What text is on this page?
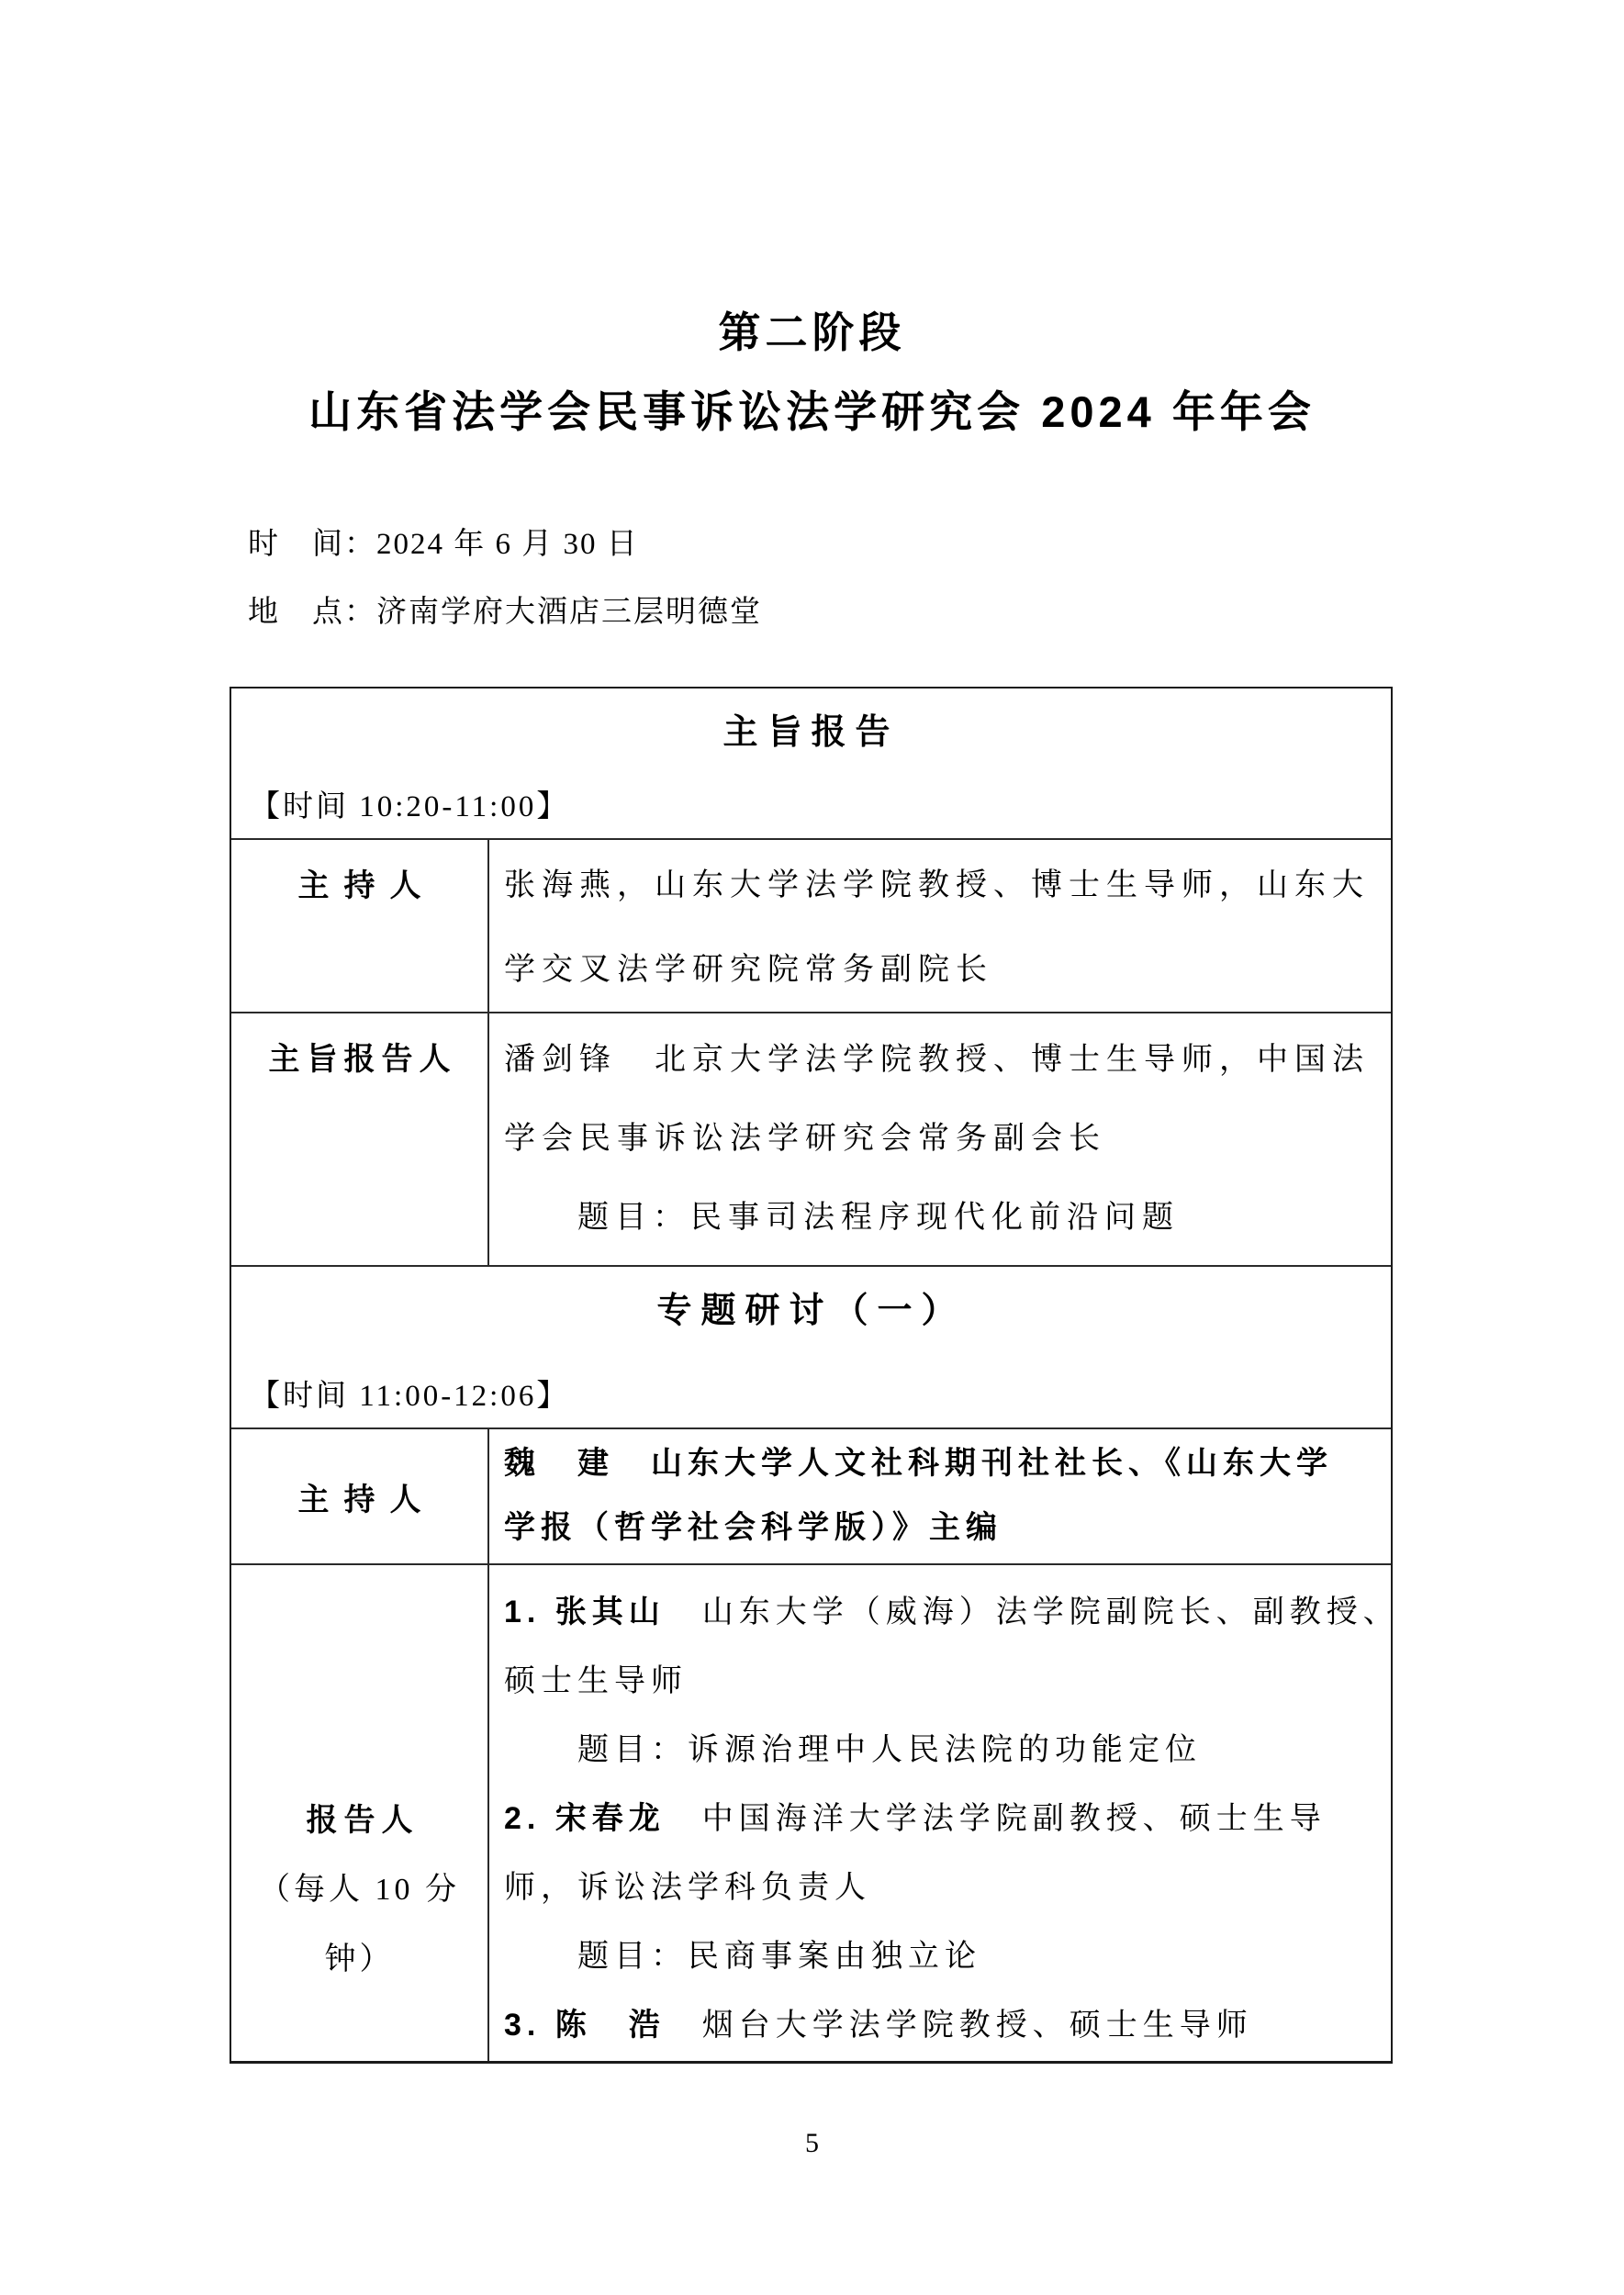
第二阶段
山东省法学会民事诉讼法学研究会 2024 年年会
时　间：2024 年 6 月 30 日
地　点：济南学府大酒店三层明德堂
主旨报告
【时间 10:20-11:00】
主持人 张海燕，山东大学法学院教授、博士生导师，山东大
学交叉法学研究院常务副院长
主旨报告人 潘剑锋　北京大学法学院教授、博士生导师，中国法
学会民事诉讼法学研究会常务副会长
题目：民事司法程序现代化前沿问题
专题研讨（一）
【时间 11:00-12:06】
主持人
魏　建　山东大学人文社科期刊社社长、《山东大学
学报（哲学社会科学版）》主编
报告人
（每人 10 分
钟）
1. 张其山　山东大学（威海）法学院副院长、副教授、
硕士生导师
题目：诉源治理中人民法院的功能定位
2. 宋春龙　中国海洋大学法学院副教授、硕士生导
师，诉讼法学科负责人
题目：民商事案由独立论
3. 陈　浩　烟台大学法学院教授、硕士生导师
5
